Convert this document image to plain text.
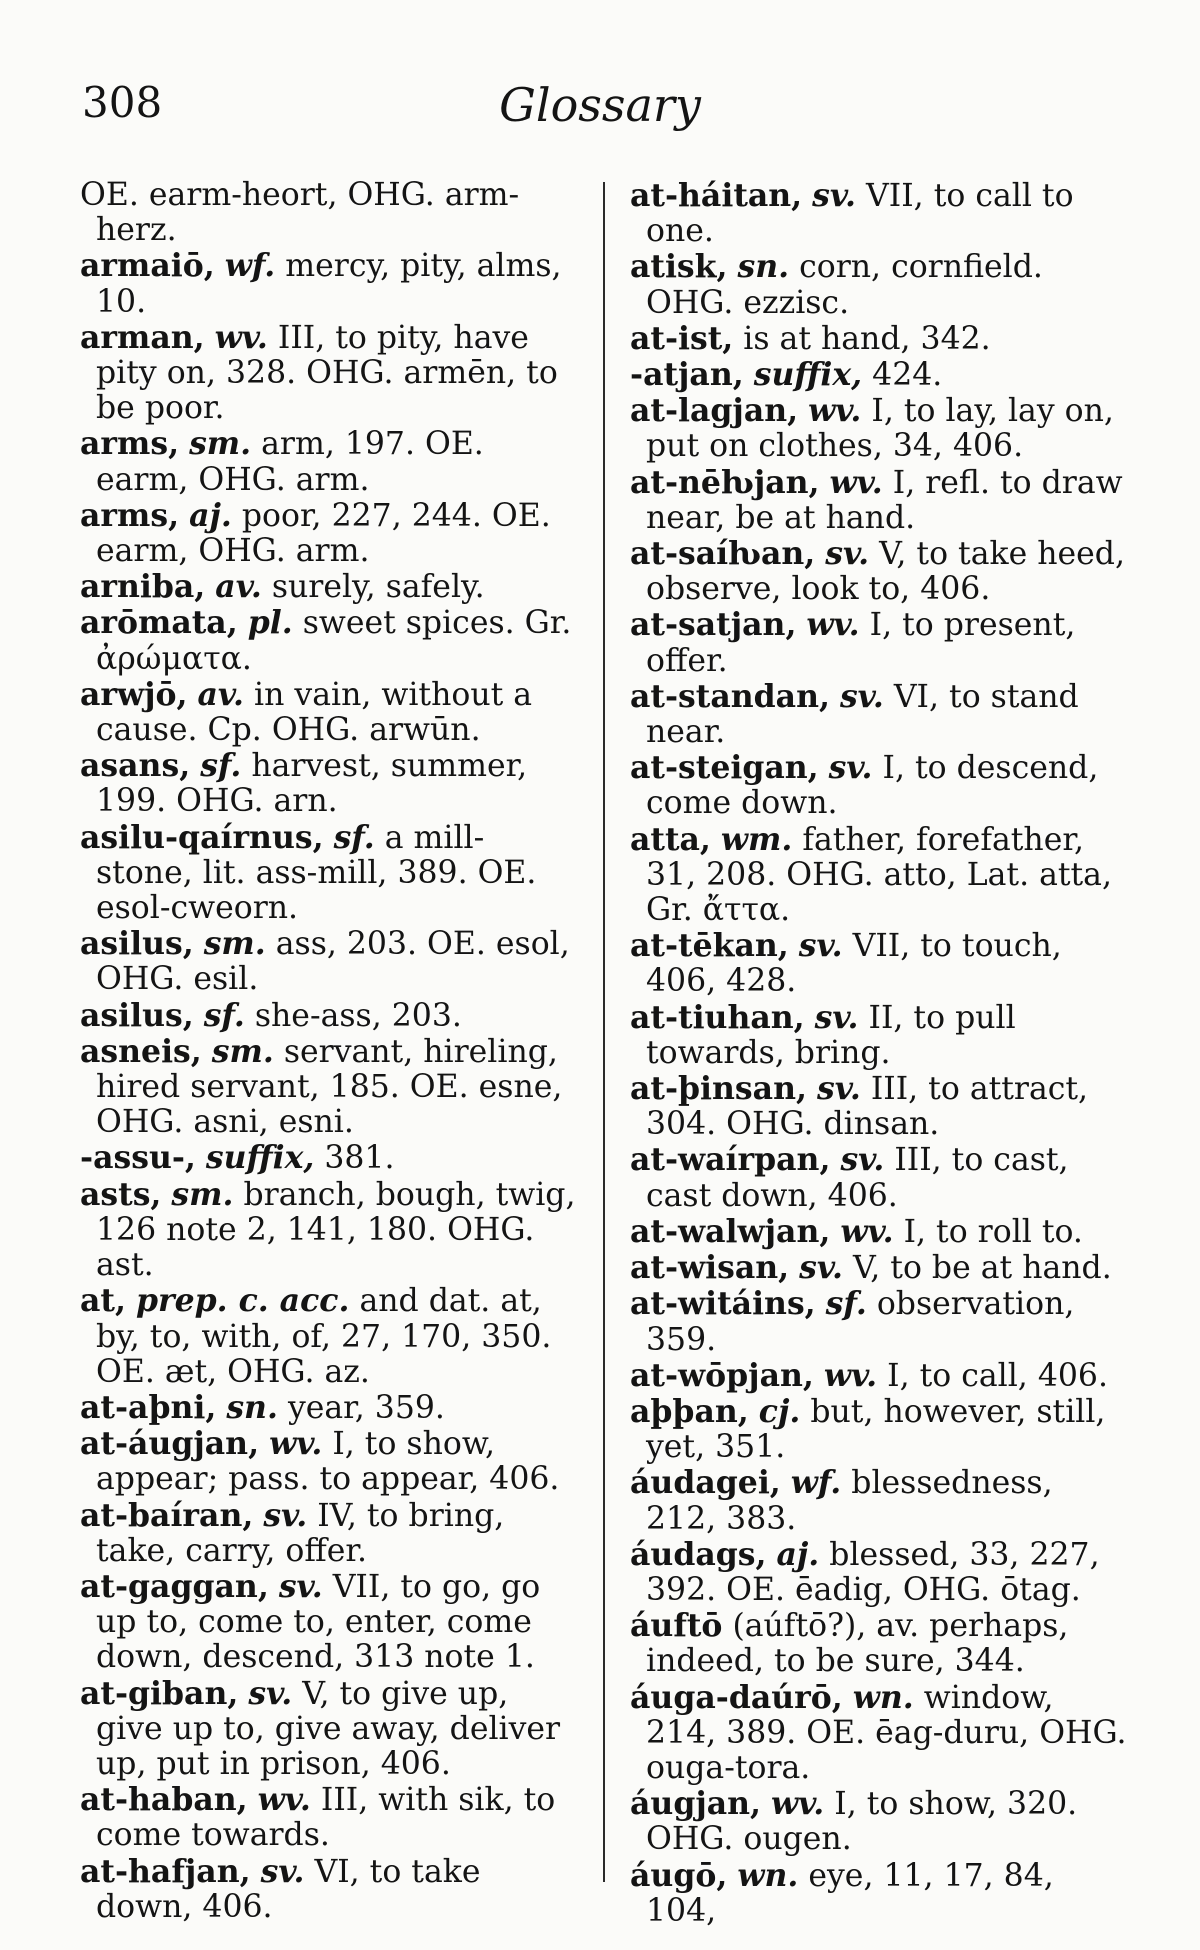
308	Glossary
OE. earm-heort, OHG. arm-herz.
armaiō, wf. mercy, pity, alms, 10.
arman, wv. III, to pity, have pity on, 328. OHG. armēn, to be poor.
arms, sm. arm, 197. OE. earm, OHG. arm.
arms, aj. poor, 227, 244. OE. earm, OHG. arm.
arniba, av. surely, safely.
arōmata, pl. sweet spices. Gr. ἀρώματα.
arwjō, av. in vain, without a cause. Cp. OHG. arwūn.
asans, sf. harvest, summer, 199. OHG. arn.
asilu-qaírnus, sf. a mill-stone, lit. ass-mill, 389. OE. esol-cweorn.
asilus, sm. ass, 203. OE. esol, OHG. esil.
asilus, sf. she-ass, 203.
asneis, sm. servant, hireling, hired servant, 185. OE. esne, OHG. asni, esni.
-assu-, suffix, 381.
asts, sm. branch, bough, twig, 126 note 2, 141, 180. OHG. ast.
at, prep. c. acc. and dat. at, by, to, with, of, 27, 170, 350. OE. æt, OHG. az.
at-aþni, sn. year, 359.
at-áugjan, wv. I, to show, appear; pass. to appear, 406.
at-baíran, sv. IV, to bring, take, carry, offer.
at-gaggan, sv. VII, to go, go up to, come to, enter, come down, descend, 313 note 1.
at-giban, sv. V, to give up, give up to, give away, deliver up, put in prison, 406.
at-haban, wv. III, with sik, to come towards.
at-hafjan, sv. VI, to take down, 406.
at-háitan, sv. VII, to call to one.
atisk, sn. corn, cornfield. OHG. ezzisc.
at-ist, is at hand, 342.
-atjan, suffix, 424.
at-lagjan, wv. I, to lay, lay on, put on clothes, 34, 406.
at-nēƕjan, wv. I, refl. to draw near, be at hand.
at-saíƕan, sv. V, to take heed, observe, look to, 406.
at-satjan, wv. I, to present, offer.
at-standan, sv. VI, to stand near.
at-steigan, sv. I, to descend, come down.
atta, wm. father, forefather, 31, 208. OHG. atto, Lat. atta, Gr. ἄττα.
at-tēkan, sv. VII, to touch, 406, 428.
at-tiuhan, sv. II, to pull towards, bring.
at-þinsan, sv. III, to attract, 304. OHG. dinsan.
at-waírpan, sv. III, to cast, cast down, 406.
at-walwjan, wv. I, to roll to.
at-wisan, sv. V, to be at hand.
at-witáins, sf. observation, 359.
at-wōpjan, wv. I, to call, 406.
aþþan, cj. but, however, still, yet, 351.
áudagei, wf. blessedness, 212, 383.
áudags, aj. blessed, 33, 227, 392. OE. ēadig, OHG. ōtag.
áuftō (aúftō?), av. perhaps, indeed, to be sure, 344.
áuga-daúrō, wn. window, 214, 389. OE. ēag-duru, OHG. ouga-tora.
áugjan, wv. I, to show, 320. OHG. ougen.
áugō, wn. eye, 11, 17, 84, 104,
